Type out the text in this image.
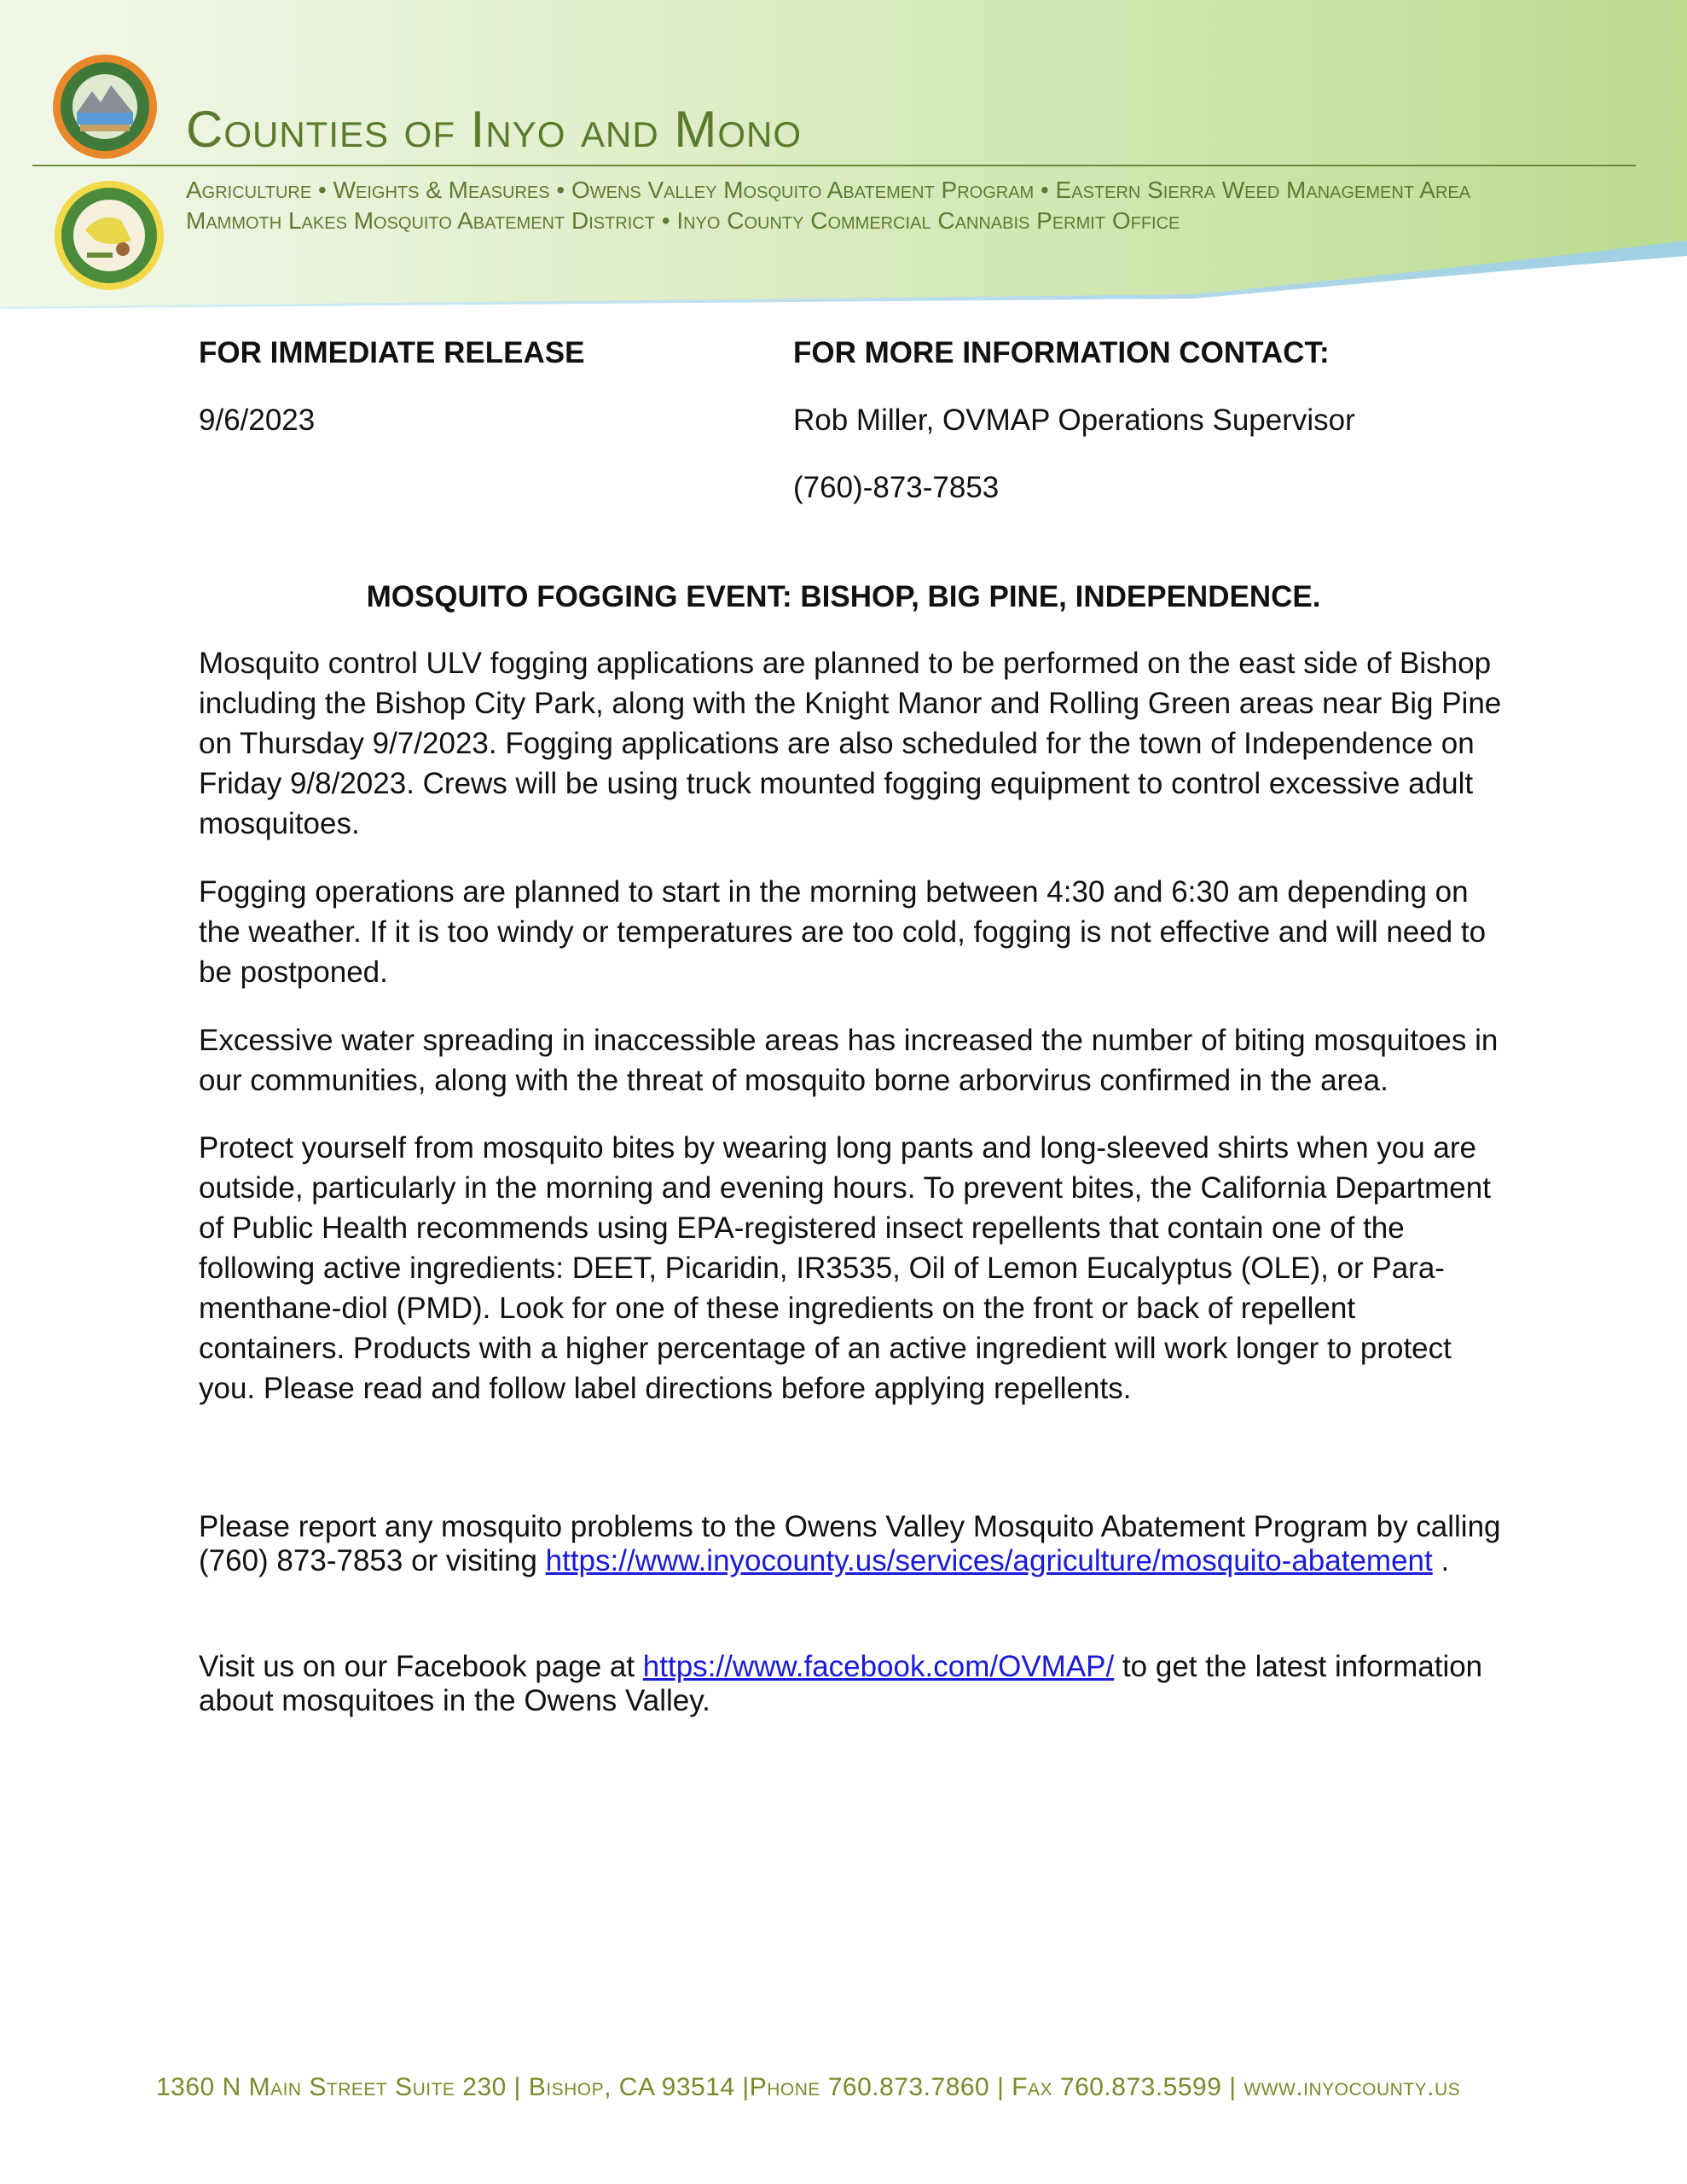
Counties of Inyo and Mono
Agriculture • Weights & Measures • Owens Valley Mosquito Abatement Program • Eastern Sierra Weed Management Area
Mammoth Lakes Mosquito Abatement District • Inyo County Commercial Cannabis Permit Office
FOR IMMEDIATE RELEASE
9/6/2023
FOR MORE INFORMATION CONTACT:
Rob Miller, OVMAP Operations Supervisor
(760)-873-7853
MOSQUITO FOGGING EVENT: BISHOP, BIG PINE, INDEPENDENCE.

Mosquito control ULV fogging applications are planned to be performed on the east side of Bishop including the Bishop City Park, along with the Knight Manor and Rolling Green areas near Big Pine on Thursday 9/7/2023. Fogging applications are also scheduled for the town of Independence on Friday 9/8/2023. Crews will be using truck mounted fogging equipment to control excessive adult mosquitoes.

Fogging operations are planned to start in the morning between 4:30 and 6:30 am depending on the weather. If it is too windy or temperatures are too cold, fogging is not effective and will need to be postponed.

Excessive water spreading in inaccessible areas has increased the number of biting mosquitoes in our communities, along with the threat of mosquito borne arborvirus confirmed in the area.

Protect yourself from mosquito bites by wearing long pants and long-sleeved shirts when you are outside, particularly in the morning and evening hours. To prevent bites, the California Department of Public Health recommends using EPA-registered insect repellents that contain one of the following active ingredients: DEET, Picaridin, IR3535, Oil of Lemon Eucalyptus (OLE), or Para-menthane-diol (PMD). Look for one of these ingredients on the front or back of repellent containers. Products with a higher percentage of an active ingredient will work longer to protect you. Please read and follow label directions before applying repellents.

Please report any mosquito problems to the Owens Valley Mosquito Abatement Program by calling (760) 873-7853 or visiting https://www.inyocounty.us/services/agriculture/mosquito-abatement .

Visit us on our Facebook page at https://www.facebook.com/OVMAP/ to get the latest information about mosquitoes in the Owens Valley.

1360 N Main Street Suite 230 | Bishop, CA 93514 |Phone 760.873.7860 | Fax 760.873.5599 | www.inyocounty.us
